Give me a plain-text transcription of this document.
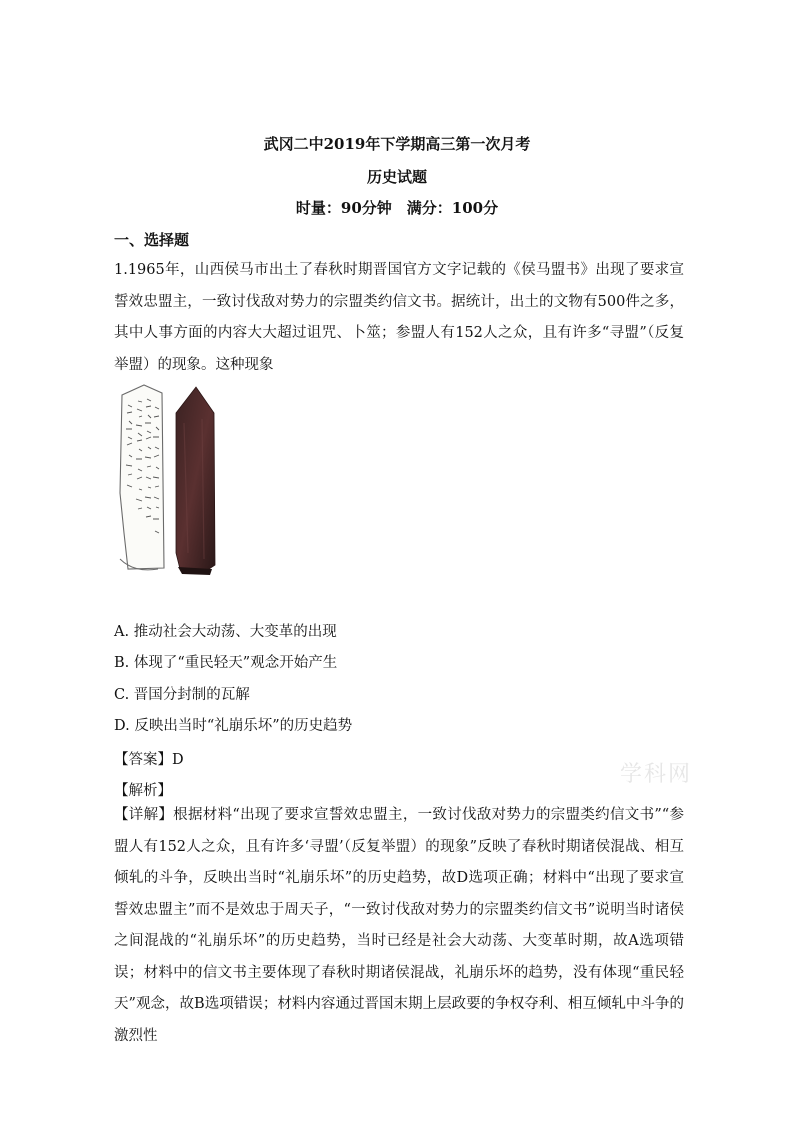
武冈二中2019年下学期高三第一次月考
历史试题
时量：90分钟　满分：100分
一、选择题

1.1965年，山西侯马市出土了春秋时期晋国官方文字记载的《侯马盟书》出现了要求宣誓效忠盟主，一致讨伐敌对势力的宗盟类约信文书。据统计，出土的文物有500件之多，其中人事方面的内容大大超过诅咒、卜筮；参盟人有152人之众，且有许多“寻盟”（反复举盟）的现象。这种现象

A. 推动社会大动荡、大变革的出现
B. 体现了“重民轻天”观念开始产生
C. 晋国分封制的瓦解
D. 反映出当时“礼崩乐坏”的历史趋势
【答案】D
【解析】
学科网

【详解】根据材料“出现了要求宣誓效忠盟主，一致讨伐敌对势力的宗盟类约信文书”“参盟人有152人之众，且有许多‘寻盟’（反复举盟）的现象”反映了春秋时期诸侯混战、相互倾轧的斗争，反映出当时“礼崩乐坏”的历史趋势，故D选项正确；材料中“出现了要求宣誓效忠盟主”而不是效忠于周天子，“一致讨伐敌对势力的宗盟类约信文书”说明当时诸侯之间混战的“礼崩乐坏”的历史趋势，当时已经是社会大动荡、大变革时期，故A选项错误；材料中的信文书主要体现了春秋时期诸侯混战，礼崩乐坏的趋势，没有体现“重民轻天”观念，故B选项错误；材料内容通过晋国末期上层政要的争权夺利、相互倾轧中斗争的激烈性
